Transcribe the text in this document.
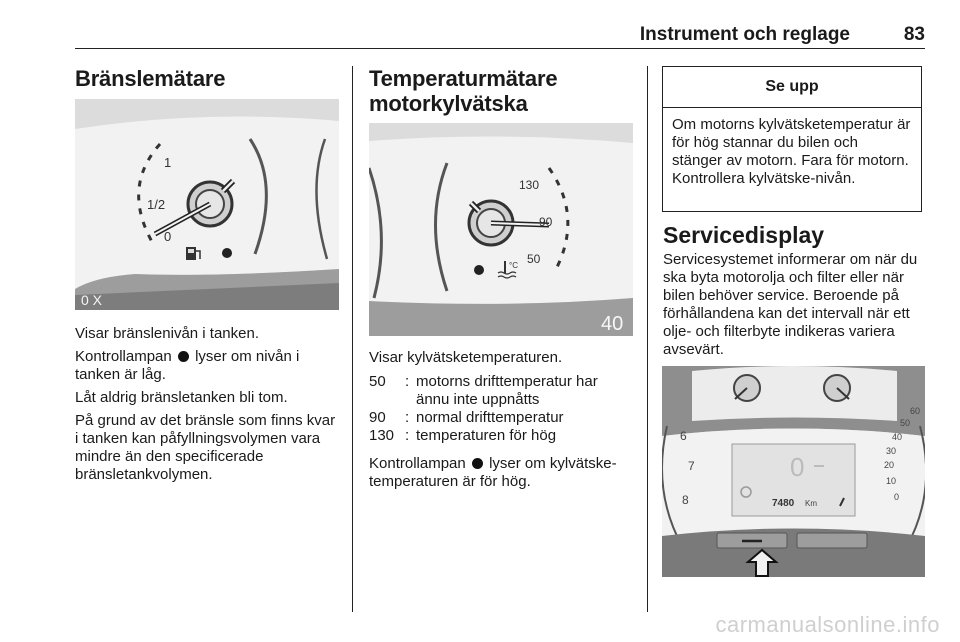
Instrument och reglage	83
Bränslemätare
1
1/2
0
0 X

Visar bränslenivån i tanken.

Kontrollampan lyser om nivån i tanken är låg.

Låt aldrig bränsletanken bli tom.

På grund av det bränsle som finns kvar i tanken kan påfyllningsvolymen vara mindre än den specificerade bränsletankvolymen.

Temperaturmätare motorkylvätska
130
90
50
°C
40

Visar kylvätsketemperaturen.

50	:	motorns drifttemperatur har ännu inte uppnåtts
90	:	normal drifttemperatur
130	:	temperaturen för hög

Kontrollampan lyser om kylvätske-temperaturen är för hög.

Se upp
Om motorns kylvätsketemperatur är för hög stannar du bilen och stänger av motorn. Fara för motorn. Kontrollera kylvätske-nivån.
Servicedisplay

Servicesystemet informerar om när du ska byta motorolja och filter eller när bilen behöver service. Beroende på förhållandena kan det intervall när ett olje- och filterbyte indikeras variera avsevärt.

6
7
8
60
50
40
30
20
10
0
0
7480 Km
carmanualsonline.info
